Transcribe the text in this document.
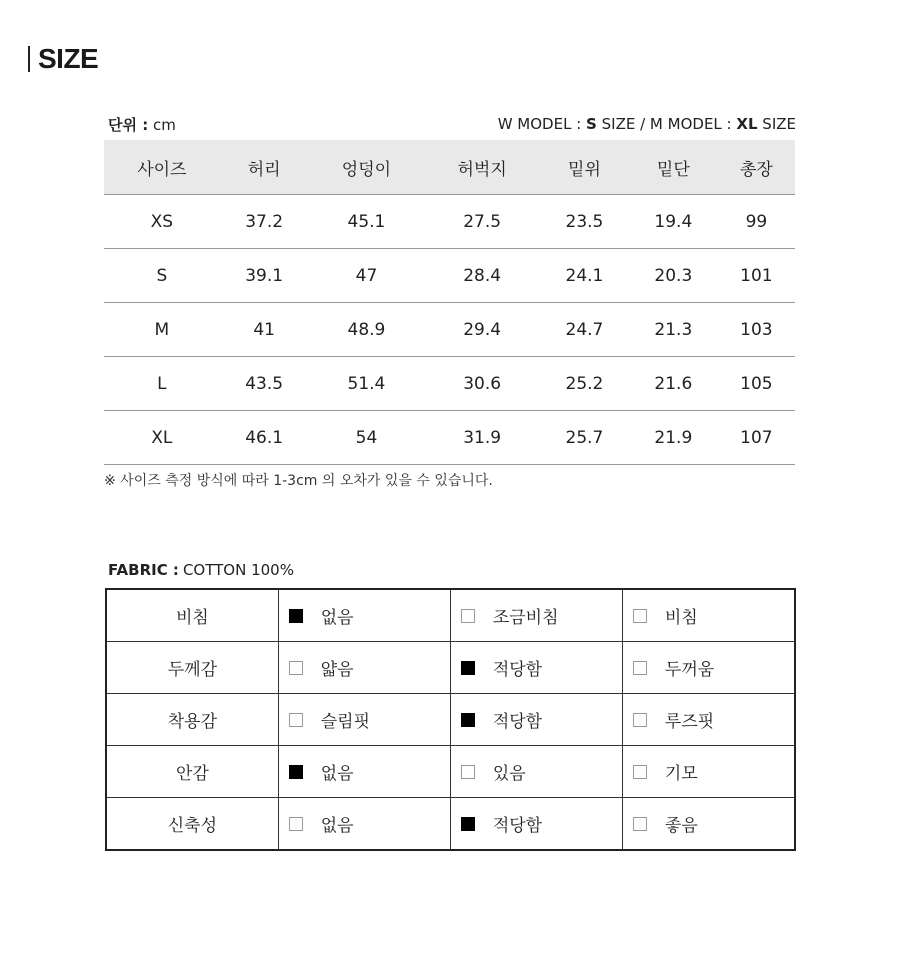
SIZE
단위 : cm	W MODEL : S SIZE / M MODEL : XL SIZE
사이즈	허리	엉덩이	허벅지	밑위	밑단	총장
XS	37.2	45.1	27.5	23.5	19.4	99
S	39.1	47	28.4	24.1	20.3	101
M	41	48.9	29.4	24.7	21.3	103
L	43.5	51.4	30.6	25.2	21.6	105
XL	46.1	54	31.9	25.7	21.9	107
※ 사이즈 측정 방식에 따라 1-3cm 의 오차가 있을 수 있습니다.
FABRIC : COTTON 100%
비침	없음	조금비침	비침

두께감	얇음	적당함	두꺼움

착용감	슬림핏	적당함	루즈핏

안감	없음	있음	기모

신축성	없음	적당함	좋음
